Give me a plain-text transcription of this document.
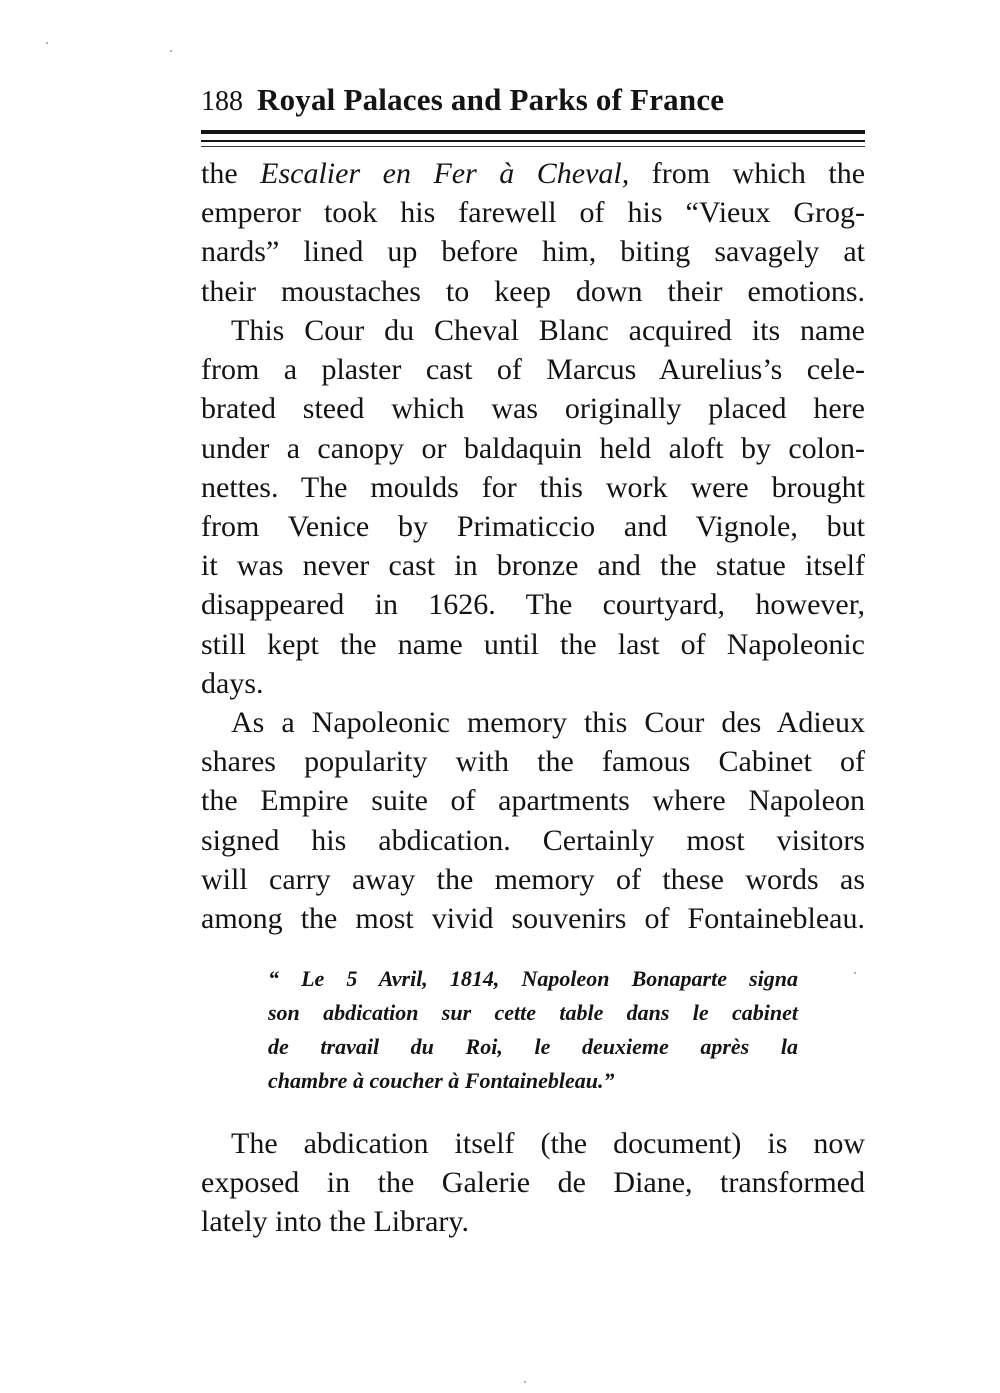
188 Royal Palaces and Parks of France
the Escalier en Fer à Cheval, from which the
emperor took his farewell of his “Vieux Grog-
nards” lined up before him, biting savagely at
their moustaches to keep down their emotions.
This Cour du Cheval Blanc acquired its name
from a plaster cast of Marcus Aurelius’s cele-
brated steed which was originally placed here
under a canopy or baldaquin held aloft by colon-
nettes. The moulds for this work were brought
from Venice by Primaticcio and Vignole, but
it was never cast in bronze and the statue itself
disappeared in 1626. The courtyard, however,
still kept the name until the last of Napoleonic
days.
As a Napoleonic memory this Cour des Adieux
shares popularity with the famous Cabinet of
the Empire suite of apartments where Napoleon
signed his abdication. Certainly most visitors
will carry away the memory of these words as
among the most vivid souvenirs of Fontainebleau.
“ Le 5 Avril, 1814, Napoleon Bonaparte signa
son abdication sur cette table dans le cabinet
de travail du Roi, le deuxieme après la
chambre à coucher à Fontainebleau.”
The abdication itself (the document) is now
exposed in the Galerie de Diane, transformed
lately into the Library.
